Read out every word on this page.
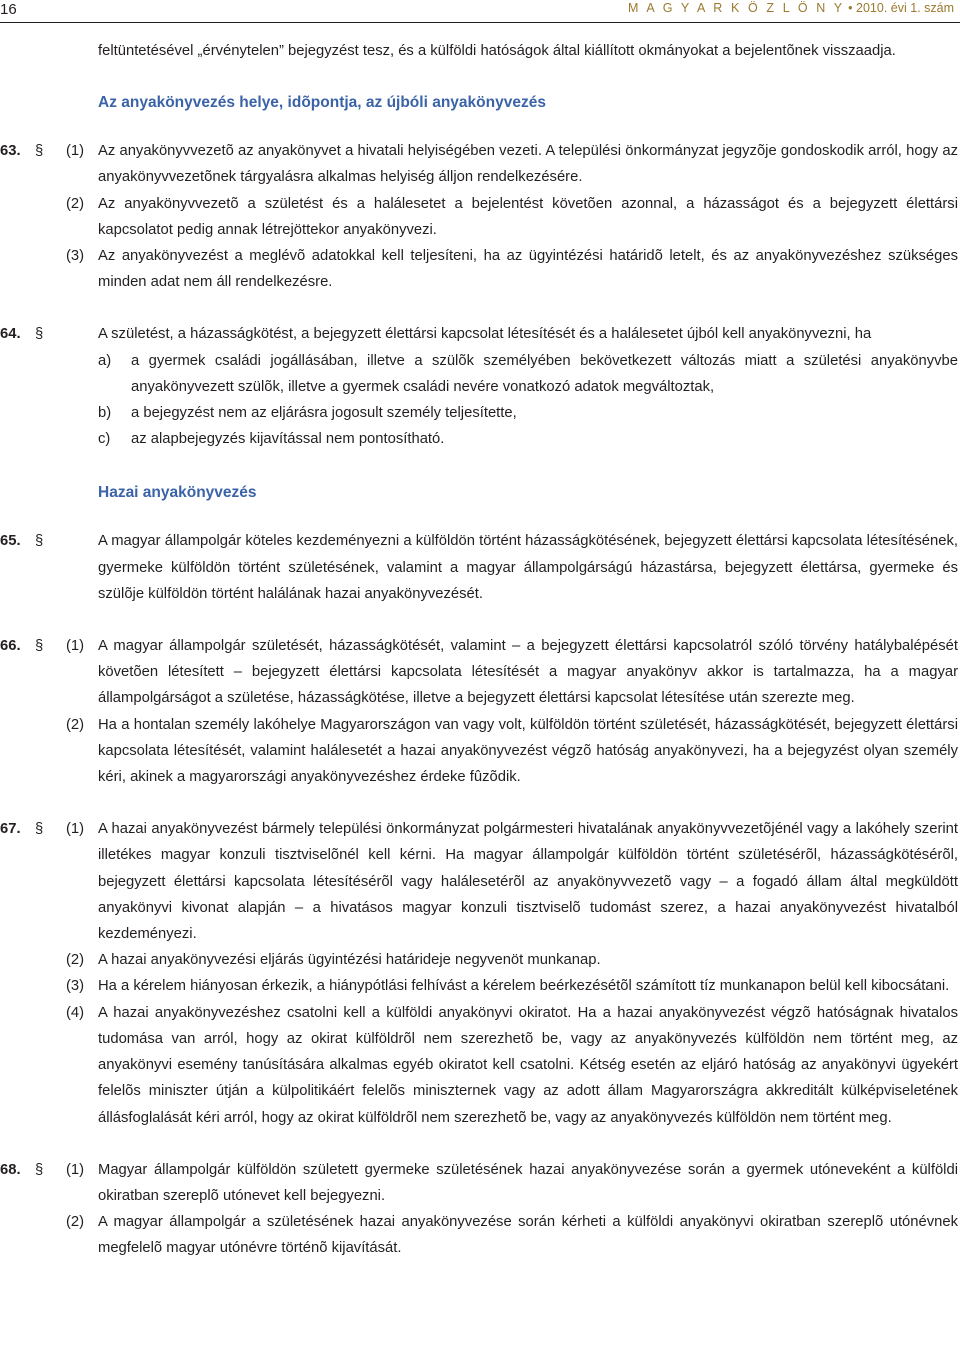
16	M A G Y A R K Ö Z L Ö N Y • 2010. évi 1. szám

feltüntetésével „érvénytelen” bejegyzést tesz, és a külföldi hatóságok által kiállított okmányokat a bejelentõnek visszaadja.

Az anyakönyvezés helye, idõpontja, az újbóli anyakönyvezés
63. § (1) Az anyakönyvvezetõ az anyakönyvet a hivatali helyiségében vezeti. A települési önkormányzat jegyzõje gondoskodik arról, hogy az anyakönyvvezetõnek tárgyalásra alkalmas helyiség álljon rendelkezésére.
(2) Az anyakönyvvezetõ a születést és a halálesetet a bejelentést követõen azonnal, a házasságot és a bejegyzett élettársi kapcsolatot pedig annak létrejöttekor anyakönyvezi.
(3) Az anyakönyvezést a meglévõ adatokkal kell teljesíteni, ha az ügyintézési határidõ letelt, és az anyakönyvezéshez szükséges minden adat nem áll rendelkezésre.
64. §	A születést, a házasságkötést, a bejegyzett élettársi kapcsolat létesítését és a halálesetet újból kell anyakönyvezni, ha
a) a gyermek családi jogállásában, illetve a szülõk személyében bekövetkezett változás miatt a születési anyakönyvbe anyakönyvezett szülõk, illetve a gyermek családi nevére vonatkozó adatok megváltoztak,
b) a bejegyzést nem az eljárásra jogosult személy teljesítette,
c) az alapbejegyzés kijavítással nem pontosítható.
Hazai anyakönyvezés
65. §	A magyar állampolgár köteles kezdeményezni a külföldön történt házasságkötésének, bejegyzett élettársi kapcsolata létesítésének, gyermeke külföldön történt születésének, valamint a magyar állampolgárságú házastársa, bejegyzett élettársa, gyermeke és szülõje külföldön történt halálának hazai anyakönyvezését.
66. § (1) A magyar állampolgár születését, házasságkötését, valamint – a bejegyzett élettársi kapcsolatról szóló törvény hatálybalépését követõen létesített – bejegyzett élettársi kapcsolata létesítését a magyar anyakönyv akkor is tartalmazza, ha a magyar állampolgárságot a születése, házasságkötése, illetve a bejegyzett élettársi kapcsolat létesítése után szerezte meg.
(2) Ha a hontalan személy lakóhelye Magyarországon van vagy volt, külföldön történt születését, házasságkötését, bejegyzett élettársi kapcsolata létesítését, valamint halálesetét a hazai anyakönyvezést végzõ hatóság anyakönyvezi, ha a bejegyzést olyan személy kéri, akinek a magyarországi anyakönyvezéshez érdeke fûzõdik.
67. § (1) A hazai anyakönyvezést bármely települési önkormányzat polgármesteri hivatalának anyakönyvvezetõjénél vagy a lakóhely szerint illetékes magyar konzuli tisztviselõnél kell kérni. Ha magyar állampolgár külföldön történt születésérõl, házasságkötésérõl, bejegyzett élettársi kapcsolata létesítésérõl vagy halálesetérõl az anyakönyvvezetõ vagy – a fogadó állam által megküldött anyakönyvi kivonat alapján – a hivatásos magyar konzuli tisztviselõ tudomást szerez, a hazai anyakönyvezést hivatalból kezdeményezi.
(2) A hazai anyakönyvezési eljárás ügyintézési határideje negyvenöt munkanap.
(3) Ha a kérelem hiányosan érkezik, a hiánypótlási felhívást a kérelem beérkezésétõl számított tíz munkanapon belül kell kibocsátani.
(4) A hazai anyakönyvezéshez csatolni kell a külföldi anyakönyvi okiratot. Ha a hazai anyakönyvezést végzõ hatóságnak hivatalos tudomása van arról, hogy az okirat külföldrõl nem szerezhetõ be, vagy az anyakönyvezés külföldön nem történt meg, az anyakönyvi esemény tanúsítására alkalmas egyéb okiratot kell csatolni. Kétség esetén az eljáró hatóság az anyakönyvi ügyekért felelõs miniszter útján a külpolitikáért felelõs miniszternek vagy az adott állam Magyarországra akkreditált külképviseletének állásfoglalását kéri arról, hogy az okirat külföldrõl nem szerezhetõ be, vagy az anyakönyvezés külföldön nem történt meg.
68. § (1) Magyar állampolgár külföldön született gyermeke születésének hazai anyakönyvezése során a gyermek utóneveként a külföldi okiratban szereplõ utónevet kell bejegyezni.
(2) A magyar állampolgár a születésének hazai anyakönyvezése során kérheti a külföldi anyakönyvi okiratban szereplõ utónévnek megfelelõ magyar utónévre történõ kijavítását.
